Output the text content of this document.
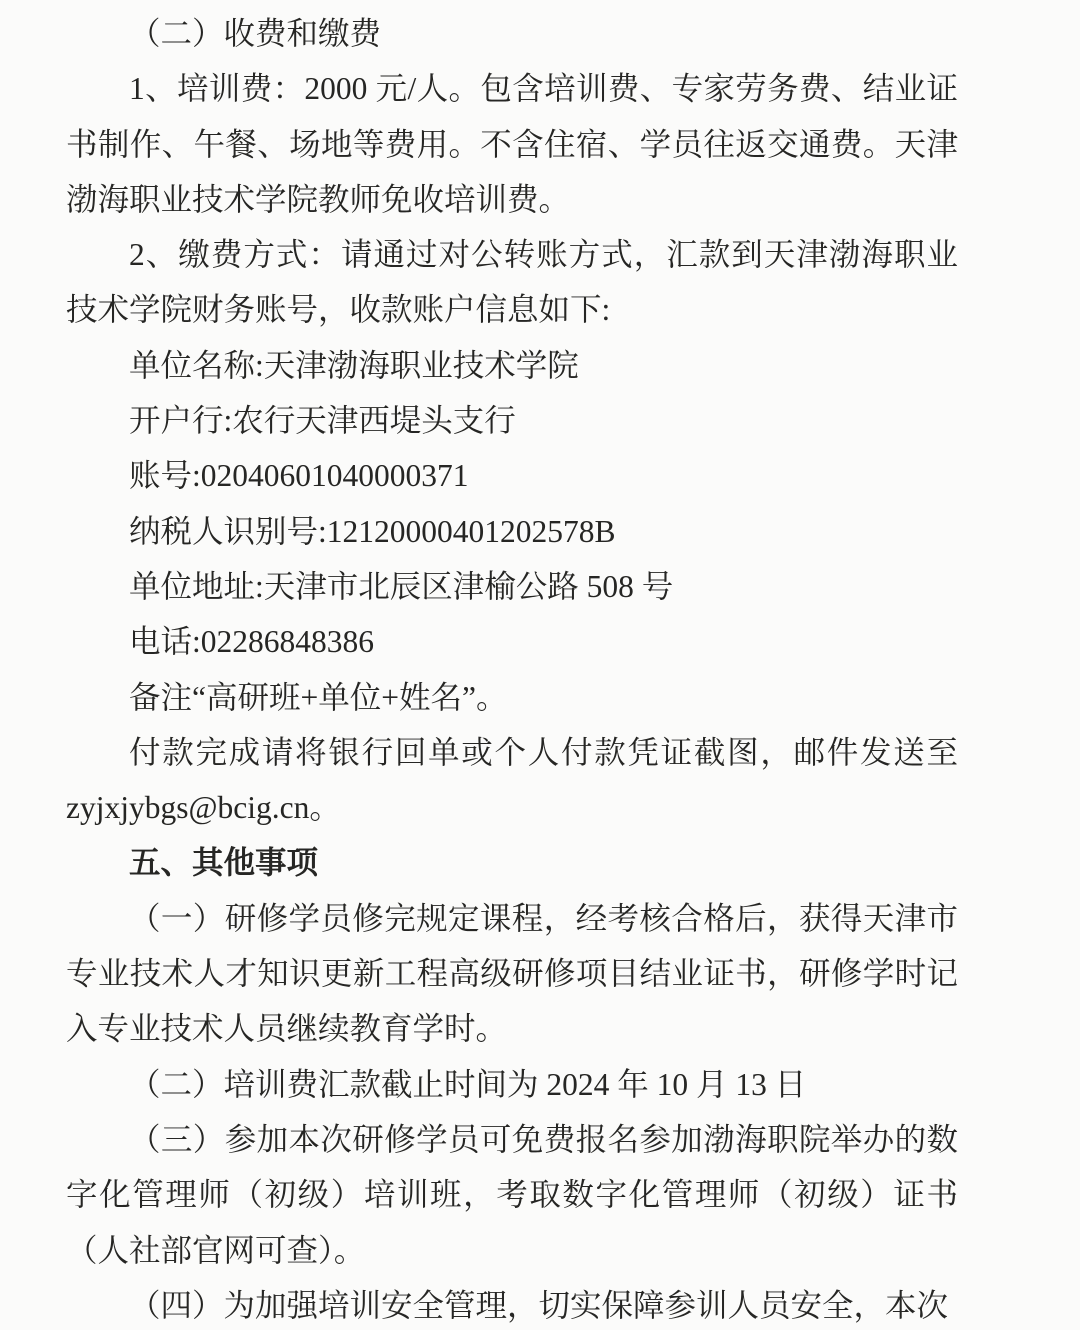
（二）收费和缴费

1、培训费：2000 元/人。包含培训费、专家劳务费、结业证书制作、午餐、场地等费用。不含住宿、学员往返交通费。天津渤海职业技术学院教师免收培训费。

2、缴费方式：请通过对公转账方式，汇款到天津渤海职业技术学院财务账号，收款账户信息如下:

单位名称:天津渤海职业技术学院

开户行:农行天津西堤头支行

账号:02040601040000371

纳税人识别号:12120000401202578B

单位地址:天津市北辰区津榆公路 508 号

电话:02286848386

备注“高研班+单位+姓名”。

付款完成请将银行回单或个人付款凭证截图，邮件发送至 zyjxjybgs@bcig.cn。

五、其他事项

（一）研修学员修完规定课程，经考核合格后，获得天津市专业技术人才知识更新工程高级研修项目结业证书，研修学时记入专业技术人员继续教育学时。

（二）培训费汇款截止时间为 2024 年 10 月 13 日

（三）参加本次研修学员可免费报名参加渤海职院举办的数字化管理师（初级）培训班，考取数字化管理师（初级）证书（人社部官网可查）。

（四）为加强培训安全管理，切实保障参训人员安全，本次
